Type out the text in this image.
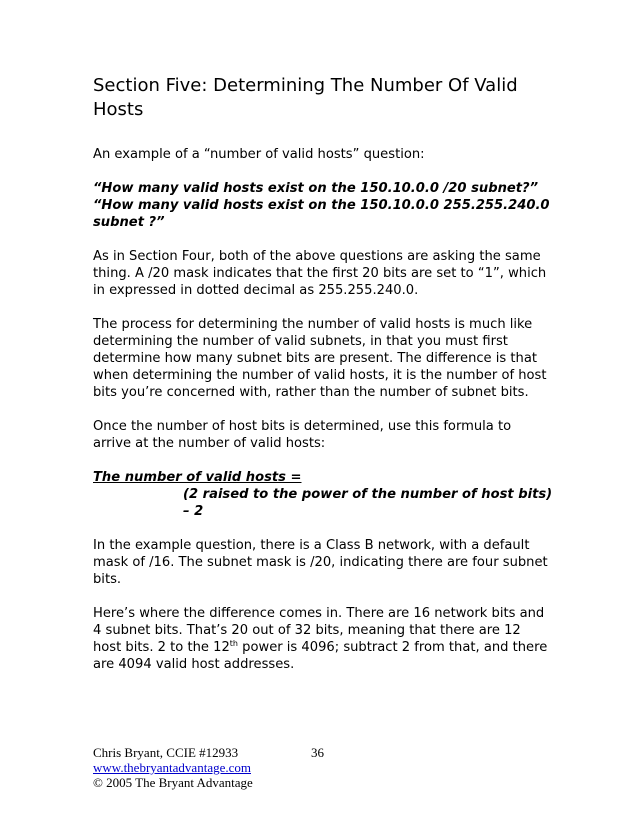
Section Five: Determining The Number Of Valid Hosts

An example of a “number of valid hosts” question:

“How many valid hosts exist on the 150.10.0.0 /20 subnet?”
“How many valid hosts exist on the 150.10.0.0 255.255.240.0 subnet ?”

As in Section Four, both of the above questions are asking the same thing. A /20 mask indicates that the first 20 bits are set to “1”, which in expressed in dotted decimal as 255.255.240.0.

The process for determining the number of valid hosts is much like determining the number of valid subnets, in that you must first determine how many subnet bits are present. The difference is that when determining the number of valid hosts, it is the number of host bits you’re concerned with, rather than the number of subnet bits.

Once the number of host bits is determined, use this formula to arrive at the number of valid hosts:

The number of valid hosts =
(2 raised to the power of the number of host bits) – 2

In the example question, there is a Class B network, with a default mask of /16. The subnet mask is /20, indicating there are four subnet bits.

Here’s where the difference comes in. There are 16 network bits and 4 subnet bits. That’s 20 out of 32 bits, meaning that there are 12 host bits. 2 to the 12th power is 4096; subtract 2 from that, and there are 4094 valid host addresses.

Chris Bryant, CCIE #12933
www.thebryantadvantage.com
© 2005 The Bryant Advantage
36
